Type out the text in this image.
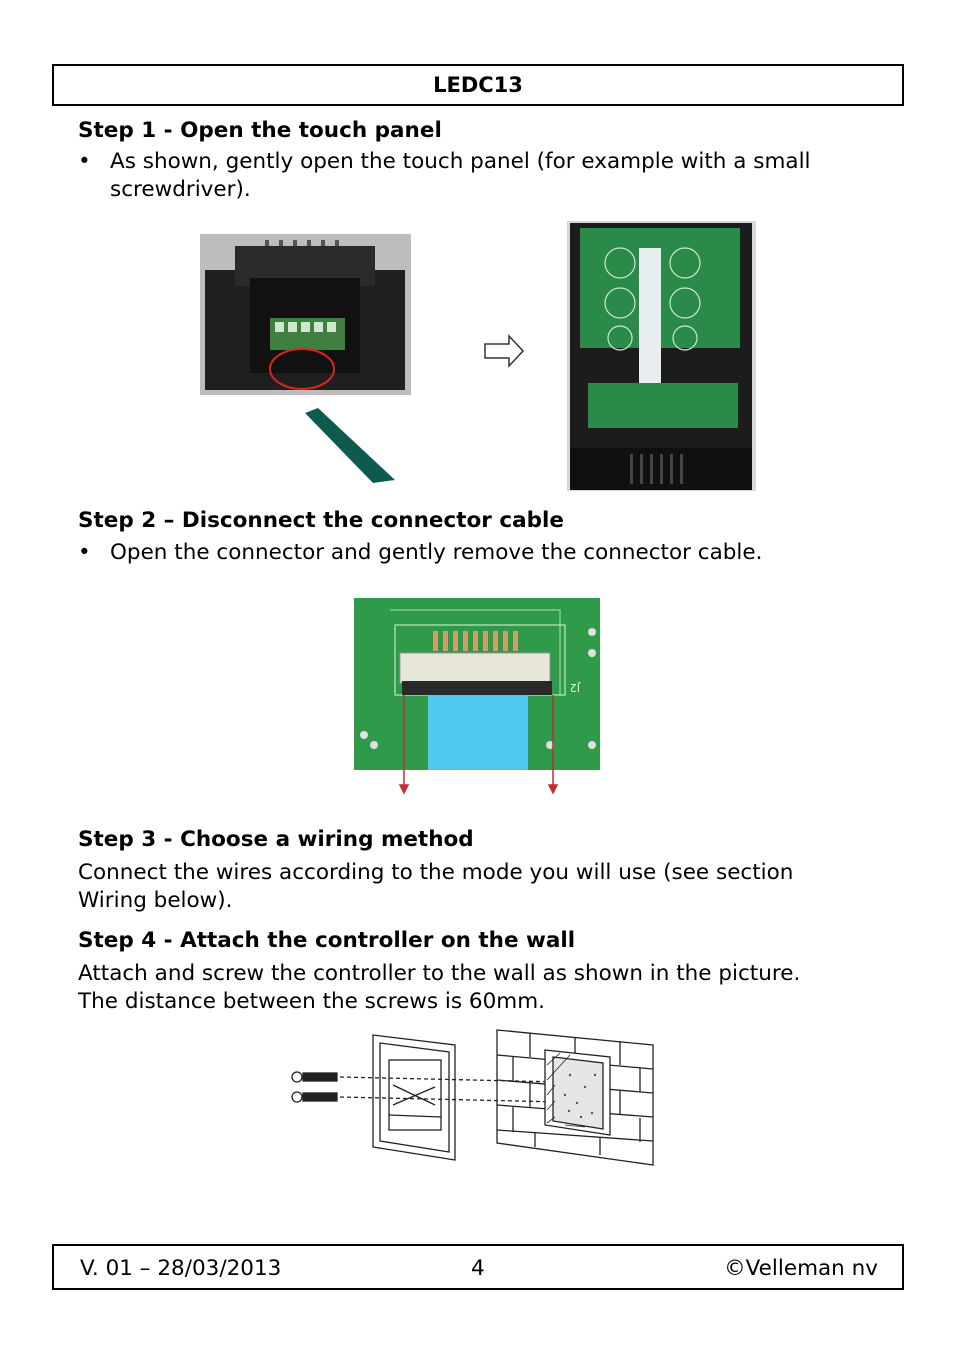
LEDC13
Step 1 - Open the touch panel
• As shown, gently open the touch panel (for example with a small
screwdriver).
Step 2 – Disconnect the connector cable
• Open the connector and gently remove the connector cable.
J2
Step 3 - Choose a wiring method
Connect the wires according to the mode you will use (see section
Wiring below).
Step 4 - Attach the controller on the wall
Attach and screw the controller to the wall as shown in the picture.
The distance between the screws is 60mm.
V. 01 – 28/03/2013	4	©Velleman nv
